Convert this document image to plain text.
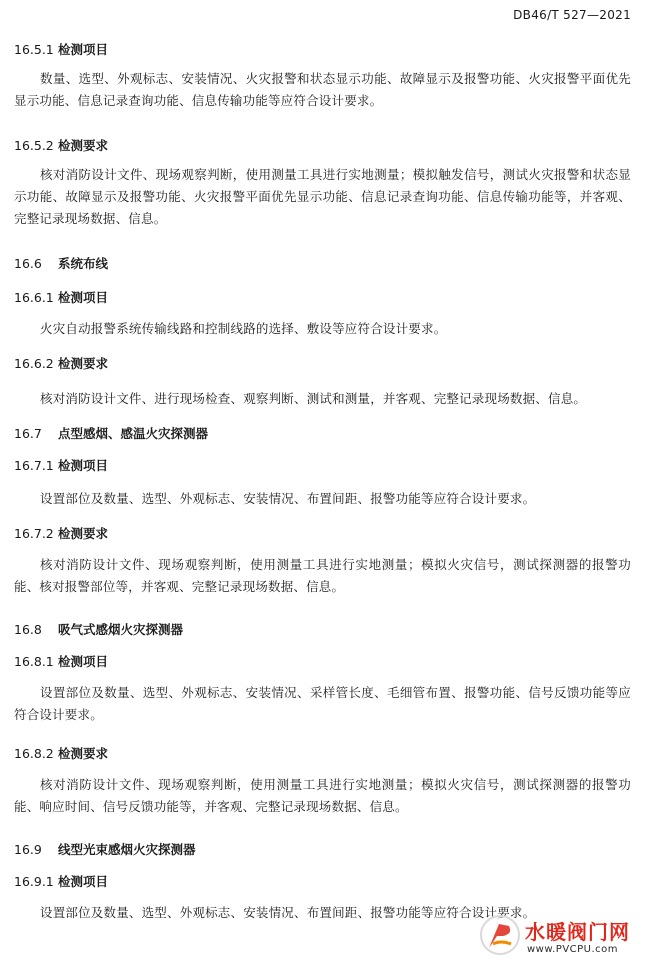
DB46/T 527—2021
16.5.1 检测项目
数量、选型、外观标志、安装情况、火灾报警和状态显示功能、故障显示及报警功能、火灾报警平面优先显示功能、信息记录查询功能、信息传输功能等应符合设计要求。
16.5.2 检测要求
核对消防设计文件、现场观察判断，使用测量工具进行实地测量；模拟触发信号，测试火灾报警和状态显示功能、故障显示及报警功能、火灾报警平面优先显示功能、信息记录查询功能、信息传输功能等，并客观、完整记录现场数据、信息。
16.6 系统布线
16.6.1 检测项目
火灾自动报警系统传输线路和控制线路的选择、敷设等应符合设计要求。
16.6.2 检测要求
核对消防设计文件、进行现场检查、观察判断、测试和测量，并客观、完整记录现场数据、信息。
16.7 点型感烟、感温火灾探测器
16.7.1 检测项目
设置部位及数量、选型、外观标志、安装情况、布置间距、报警功能等应符合设计要求。
16.7.2 检测要求
核对消防设计文件、现场观察判断，使用测量工具进行实地测量；模拟火灾信号，测试探测器的报警功能、核对报警部位等，并客观、完整记录现场数据、信息。
16.8 吸气式感烟火灾探测器
16.8.1 检测项目
设置部位及数量、选型、外观标志、安装情况、采样管长度、毛细管布置、报警功能、信号反馈功能等应符合设计要求。
16.8.2 检测要求
核对消防设计文件、现场观察判断，使用测量工具进行实地测量；模拟火灾信号，测试探测器的报警功能、响应时间、信号反馈功能等，并客观、完整记录现场数据、信息。
16.9 线型光束感烟火灾探测器
16.9.1 检测项目
设置部位及数量、选型、外观标志、安装情况、布置间距、报警功能等应符合设计要求。
水暖阀门网
www.PVCPU.com
